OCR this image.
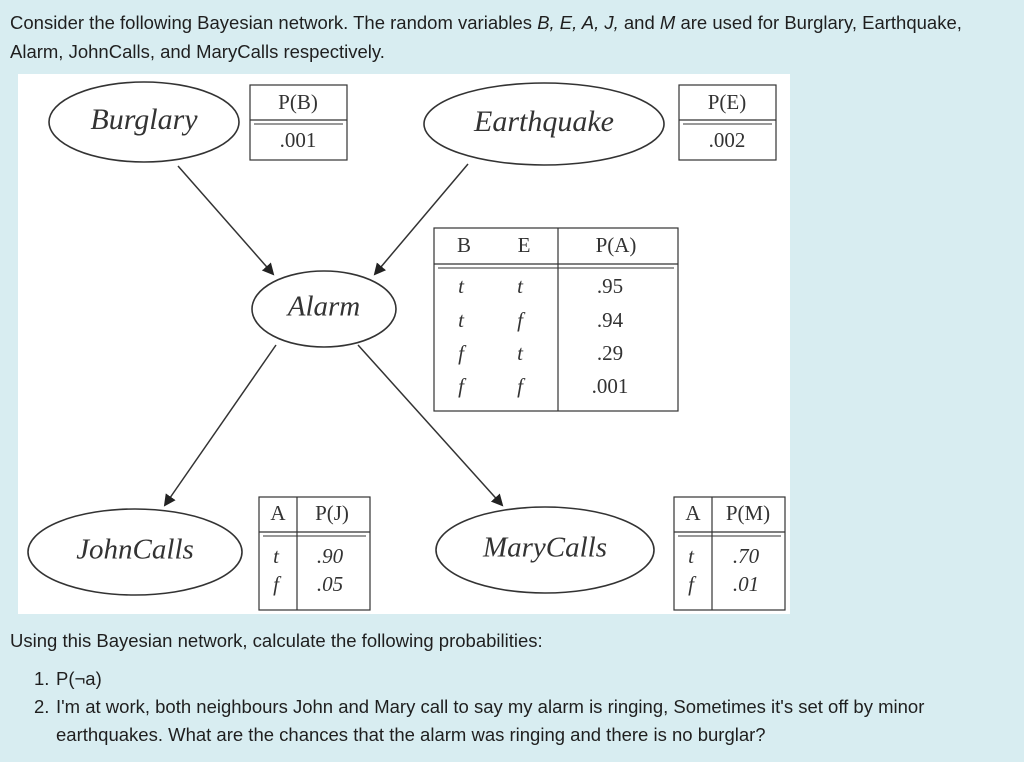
Consider the following Bayesian network. The random variables B, E, A, J, and M are used for Burglary, Earthquake, Alarm, JohnCalls, and MaryCalls respectively.
Burglary	Earthquake
Alarm
JohnCalls	MaryCalls
P(B)
.001
P(E)
.002
B E	P(A)
t	t	.95
t	f	.94
f	t	.29
f	f	.001
A P(J)
t .90
f .05
A P(M)
t .70
f .01
Using this Bayesian network, calculate the following probabilities:
1. P(¬a)
2. I'm at work, both neighbours John and Mary call to say my alarm is ringing, Sometimes it's set off by minor earthquakes. What are the chances that the alarm was ringing and there is no burglar?
